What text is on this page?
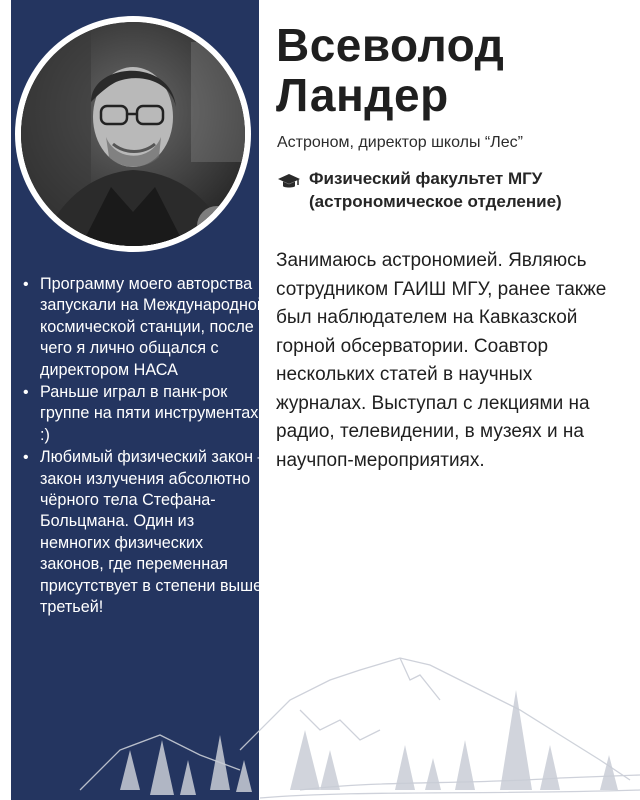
• Программу моего авторства запускали на Международной космической станции, после чего я лично общался с директором НАСА
• Раньше играл в панк-рок группе на пяти инструментах :)
• Любимый физический закон – закон излучения абсолютно чёрного тела Стефана-Больцмана. Один из немногих физических законов, где переменная присутствует в степени выше третьей!
Всеволод
Ландер
Астроном, директор школы “Лес”
Физический факультет МГУ
(астрономическое отделение)

Занимаюсь астрономией. Являюсь сотрудником ГАИШ МГУ, ранее также был наблюдателем на Кавказской горной обсерватории. Соавтор нескольких статей в научных журналах. Выступал с лекциями на радио, телевидении, в музеях и на научпоп-мероприятиях.
